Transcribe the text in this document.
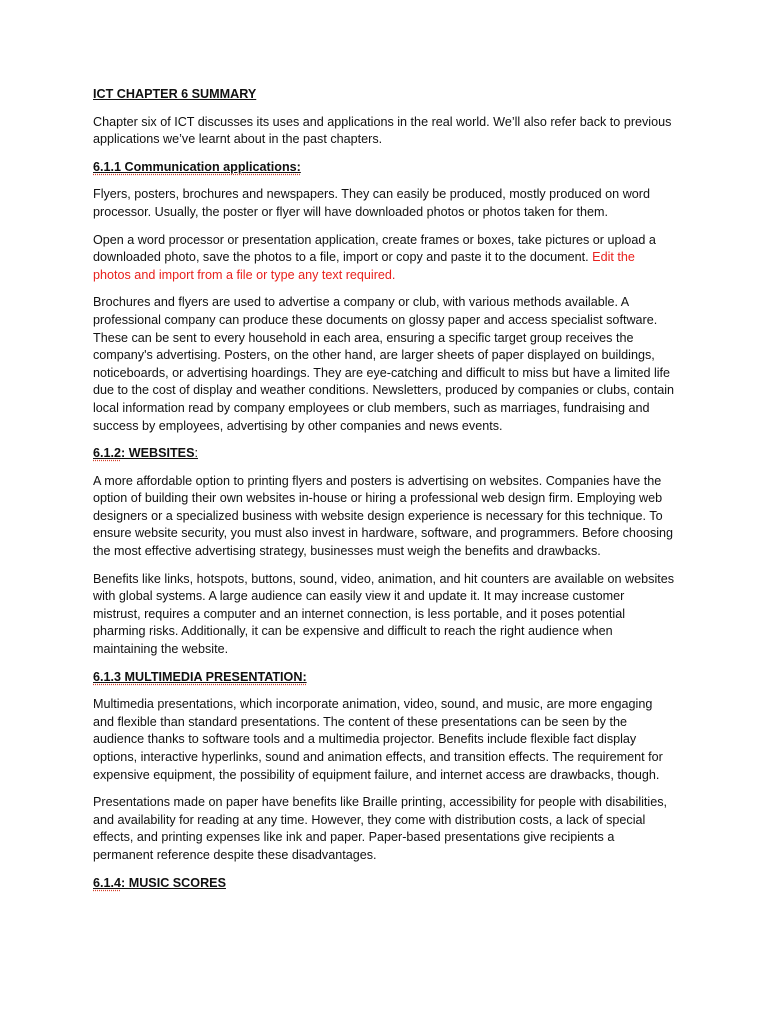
ICT CHAPTER 6 SUMMARY

Chapter six of ICT discusses its uses and applications in the real world. We’ll also refer back to previous applications we’ve learnt about in the past chapters.

6.1.1 Communication applications:

Flyers, posters, brochures and newspapers. They can easily be produced, mostly produced on word processor. Usually, the poster or flyer will have downloaded photos or photos taken for them.

Open a word processor or presentation application, create frames or boxes, take pictures or upload a downloaded photo, save the photos to a file, import or copy and paste it to the document. Edit the photos and import from a file or type any text required.

Brochures and flyers are used to advertise a company or club, with various methods available. A professional company can produce these documents on glossy paper and access specialist software. These can be sent to every household in each area, ensuring a specific target group receives the company's advertising. Posters, on the other hand, are larger sheets of paper displayed on buildings, noticeboards, or advertising hoardings. They are eye-catching and difficult to miss but have a limited life due to the cost of display and weather conditions. Newsletters, produced by companies or clubs, contain local information read by company employees or club members, such as marriages, fundraising and success by employees, advertising by other companies and news events.

6.1.2: WEBSITES:

A more affordable option to printing flyers and posters is advertising on websites. Companies have the option of building their own websites in-house or hiring a professional web design firm. Employing web designers or a specialized business with website design experience is necessary for this technique. To ensure website security, you must also invest in hardware, software, and programmers. Before choosing the most effective advertising strategy, businesses must weigh the benefits and drawbacks.

Benefits like links, hotspots, buttons, sound, video, animation, and hit counters are available on websites with global systems. A large audience can easily view it and update it. It may increase customer mistrust, requires a computer and an internet connection, is less portable, and it poses potential pharming risks. Additionally, it can be expensive and difficult to reach the right audience when maintaining the website.

6.1.3 MULTIMEDIA PRESENTATION:

Multimedia presentations, which incorporate animation, video, sound, and music, are more engaging and flexible than standard presentations. The content of these presentations can be seen by the audience thanks to software tools and a multimedia projector. Benefits include flexible fact display options, interactive hyperlinks, sound and animation effects, and transition effects. The requirement for expensive equipment, the possibility of equipment failure, and internet access are drawbacks, though.

Presentations made on paper have benefits like Braille printing, accessibility for people with disabilities, and availability for reading at any time. However, they come with distribution costs, a lack of special effects, and printing expenses like ink and paper. Paper-based presentations give recipients a permanent reference despite these disadvantages.

6.1.4: MUSIC SCORES
